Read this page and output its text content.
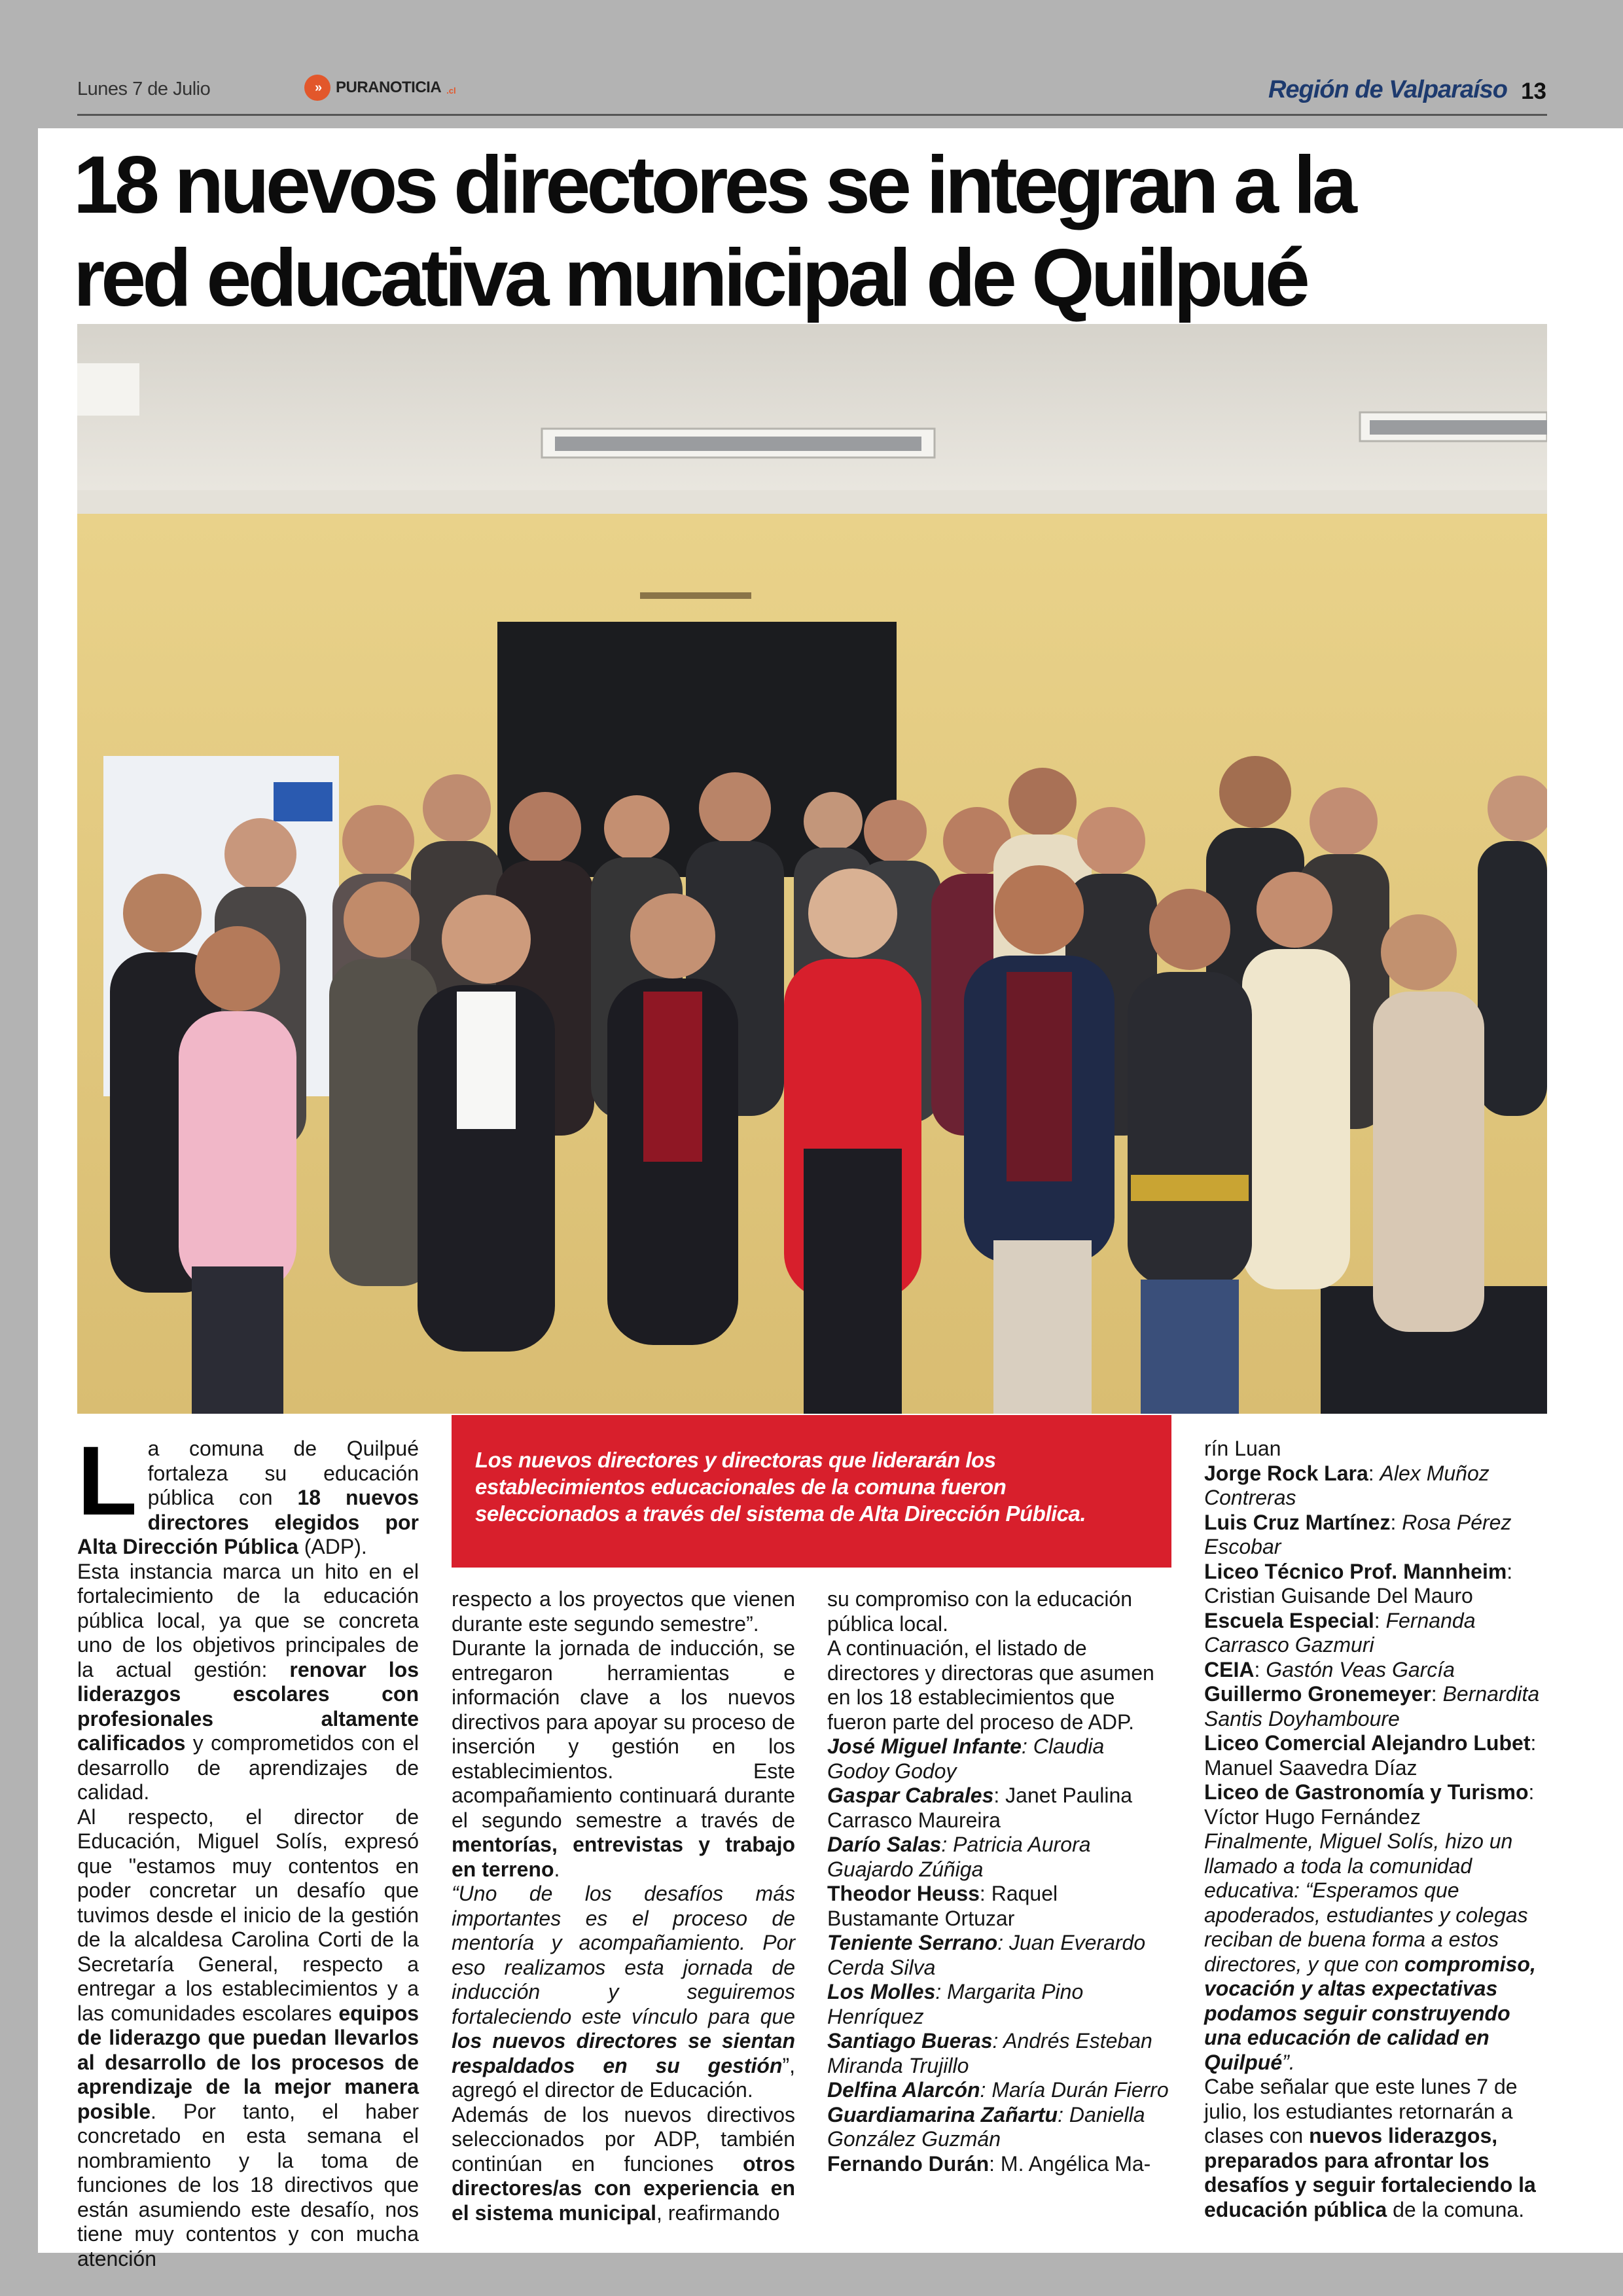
Lunes 7 de Julio	» PURANOTICIA .cl	Región de Valparaíso 13
18 nuevos directores se integran a la
red educativa municipal de Quilpué
Los nuevos directores y directoras que liderarán los establecimientos educacionales de la comuna fueron seleccionados a través del sistema de Alta Dirección Pública.

La comuna de Quilpué fortaleza su educación pública con 18 nuevos directores elegidos por Alta Dirección Pública (ADP).

Esta instancia marca un hito en el fortalecimiento de la educación pública local, ya que se concreta uno de los objetivos principales de la actual gestión: renovar los liderazgos escolares con profesionales altamente calificados y comprometidos con el desarrollo de aprendizajes de calidad.

Al respecto, el director de Educación, Miguel Solís, expresó que "estamos muy contentos en poder concretar un desafío que tuvimos desde el inicio de la gestión de la alcaldesa Carolina Corti de la Secretaría General, respecto a entregar a los establecimientos y a las comunidades escolares equipos de liderazgo que puedan llevarlos al desarrollo de los procesos de aprendizaje de la mejor manera posible. Por tanto, el haber concretado en esta semana el nombramiento y la toma de funciones de los 18 directivos que están asumiendo este desafío, nos tiene muy contentos y con mucha atención

respecto a los proyectos que vienen durante este segundo semestre”.

Durante la jornada de inducción, se entregaron herramientas e información clave a los nuevos directivos para apoyar su proceso de inserción y gestión en los establecimientos. Este acompañamiento continuará durante el segundo semestre a través de mentorías, entrevistas y trabajo en terreno.

“Uno de los desafíos más importantes es el proceso de mentoría y acompañamiento. Por eso realizamos esta jornada de inducción y seguiremos fortaleciendo este vínculo para que los nuevos directores se sientan respaldados en su gestión”, agregó el director de Educación.

Además de los nuevos directivos seleccionados por ADP, también continúan en funciones otros directores/as con experiencia en el sistema municipal, reafirmando

su compromiso con la educación pública local.

A continuación, el listado de directores y directoras que asumen en los 18 establecimientos que fueron parte del proceso de ADP.

José Miguel Infante: Claudia Godoy Godoy

Gaspar Cabrales: Janet Paulina Carrasco Maureira

Darío Salas: Patricia Aurora Guajardo Zúñiga

Theodor Heuss: Raquel Bustamante Ortuzar

Teniente Serrano: Juan Everardo Cerda Silva

Los Molles: Margarita Pino Henríquez

Santiago Bueras: Andrés Esteban Miranda Trujillo

Delfina Alarcón: María Durán Fierro

Guardiamarina Zañartu: Daniella González Guzmán

Fernando Durán: M. Angélica Ma-

rín Luan

Jorge Rock Lara: Alex Muñoz Contreras

Luis Cruz Martínez: Rosa Pérez Escobar

Liceo Técnico Prof. Mannheim: Cristian Guisande Del Mauro

Escuela Especial: Fernanda Carrasco Gazmuri

CEIA: Gastón Veas García

Guillermo Gronemeyer: Bernardita Santis Doyhamboure

Liceo Comercial Alejandro Lubet: Manuel Saavedra Díaz

Liceo de Gastronomía y Turismo: Víctor Hugo Fernández

Finalmente, Miguel Solís, hizo un llamado a toda la comunidad educativa: “Esperamos que apoderados, estudiantes y colegas reciban de buena forma a estos directores, y que con compromiso, vocación y altas expectativas podamos seguir construyendo una educación de calidad en Quilpué”.

Cabe señalar que este lunes 7 de julio, los estudiantes retornarán a clases con nuevos liderazgos, preparados para afrontar los desafíos y seguir fortaleciendo la educación pública de la comuna.
